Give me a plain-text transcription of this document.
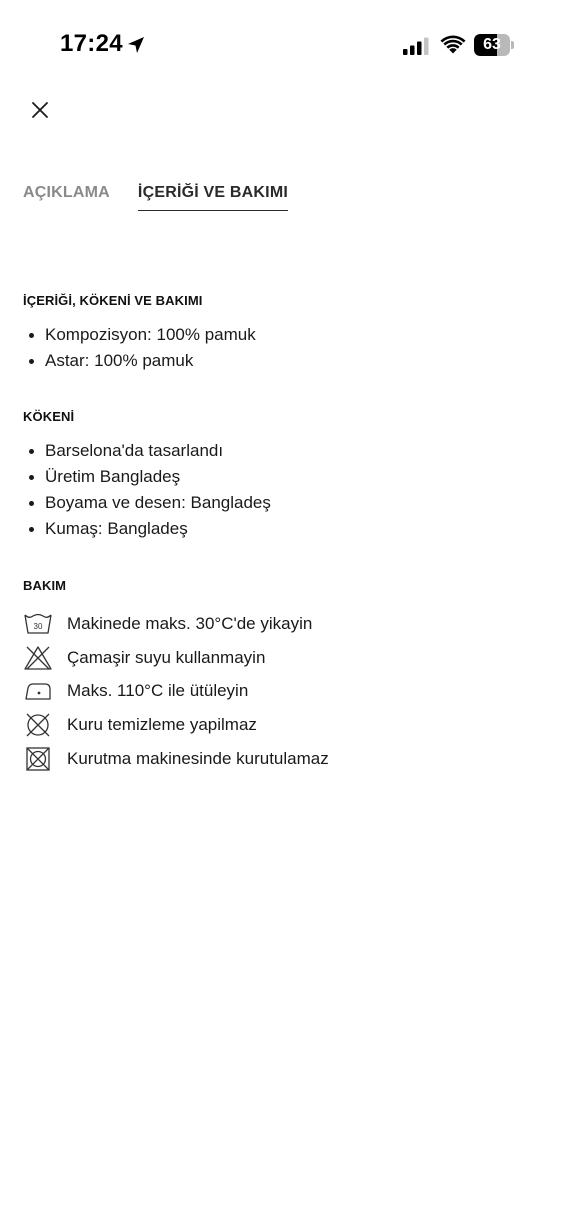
17:24	63
AÇIKLAMA İÇERİĞİ VE BAKIMI
İÇERİĞİ, KÖKENİ VE BAKIMI
Kompozisyon: 100% pamuk
Astar: 100% pamuk
KÖKENİ
Barselona'da tasarlandı
Üretim Bangladeş
Boyama ve desen: Bangladeş
Kumaş: Bangladeş
BAKIM
30 Makinede maks. 30°C'de yikayin
Çamaşir suyu kullanmayin
Maks. 110°C ile ütüleyin
Kuru temizleme yapilmaz
Kurutma makinesinde kurutulamaz
